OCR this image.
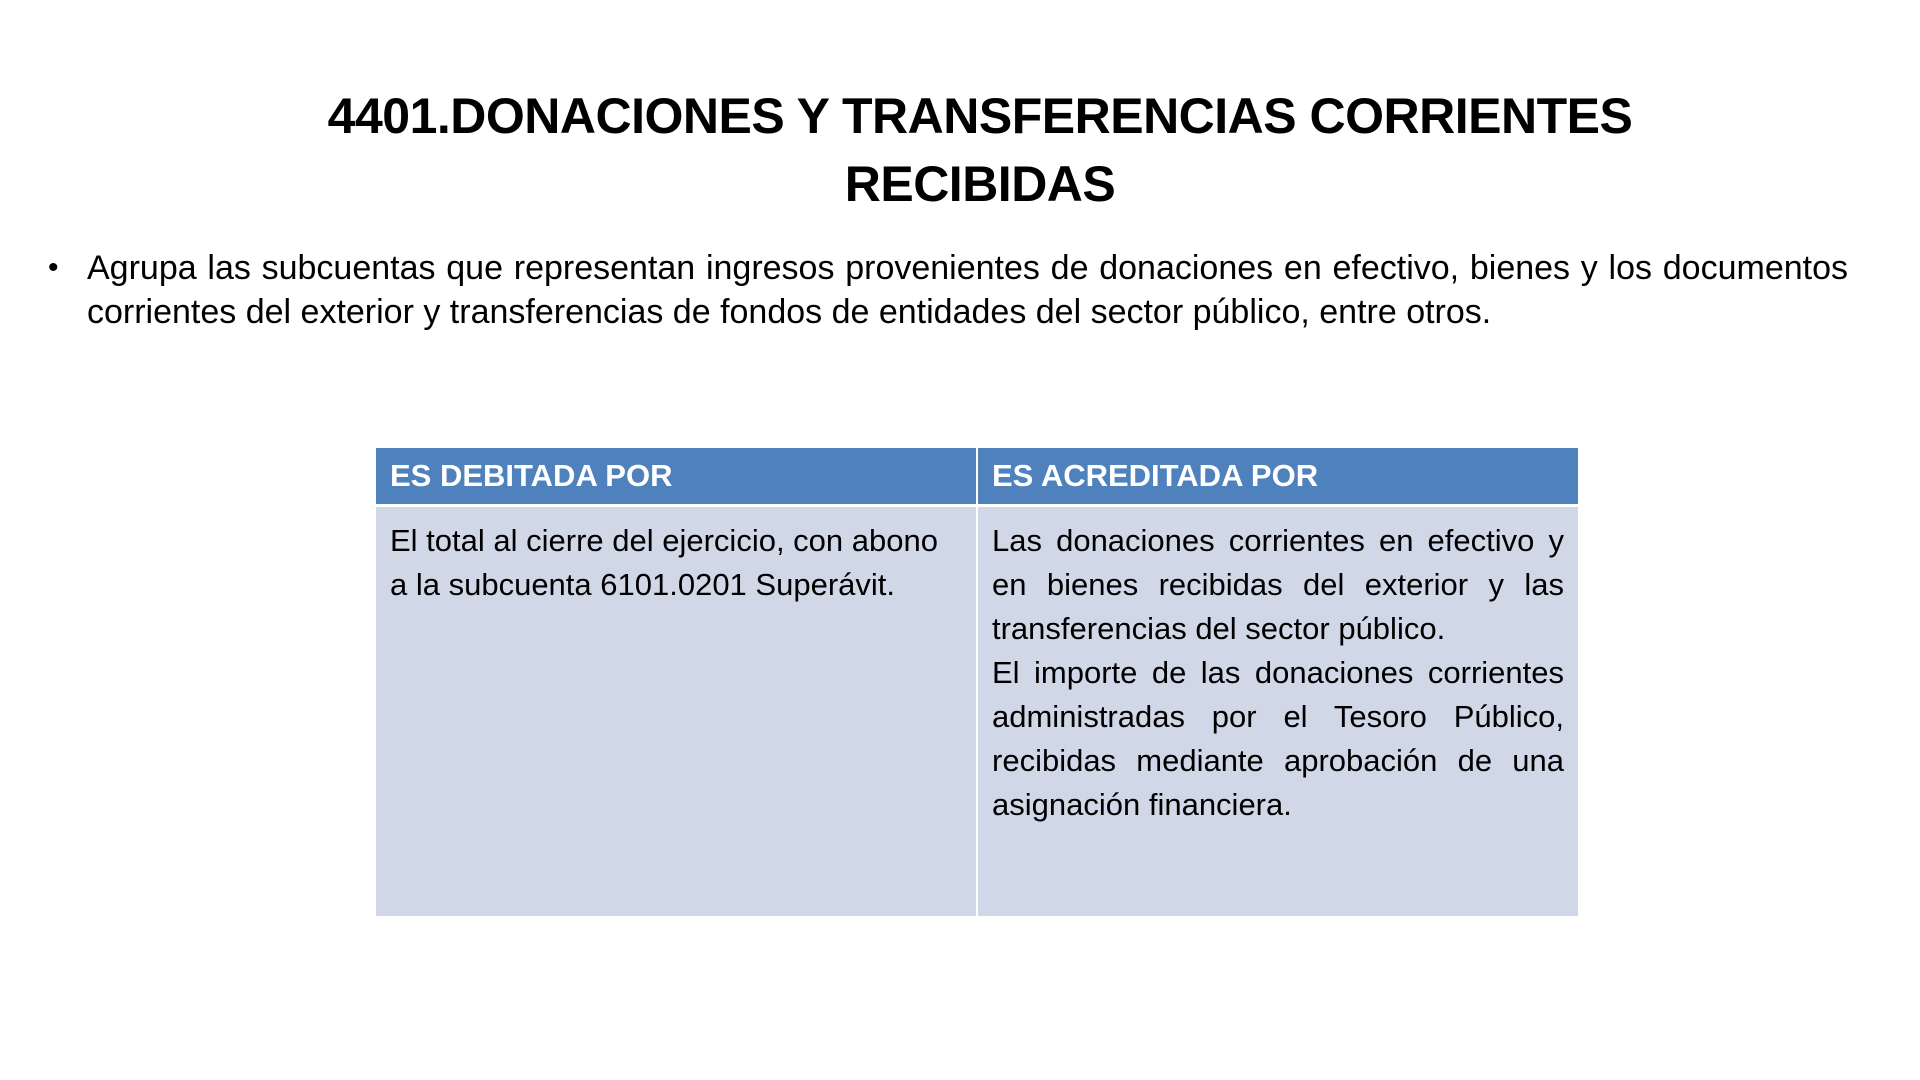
4401.DONACIONES Y TRANSFERENCIAS CORRIENTES
RECIBIDAS
• Agrupa las subcuentas que representan ingresos provenientes de donaciones en efectivo, bienes y los documentos corrientes del exterior y transferencias de fondos de entidades del sector público, entre otros.
ES DEBITADA POR	ES ACREDITADA POR

El total al cierre del ejercicio, con abono a la subcuenta 6101.0201 Superávit.	Las donaciones corrientes en efectivo y en bienes recibidas del exterior y las transferencias del sector público.
El importe de las donaciones corrientes administradas por el Tesoro Público, recibidas mediante aprobación de una asignación financiera.
